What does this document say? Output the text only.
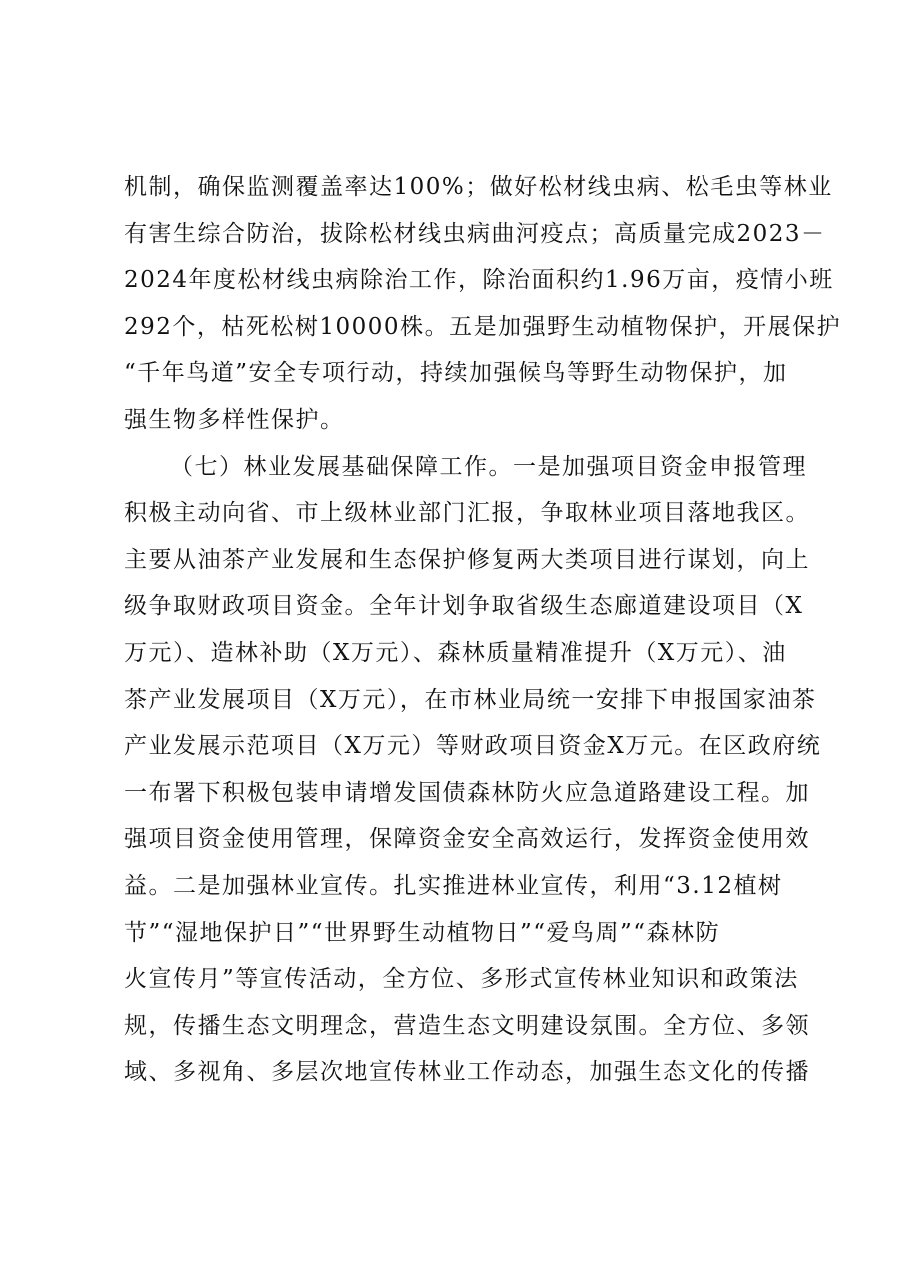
机制，确保监测覆盖率达100%；做好松材线虫病、松毛虫等林业
有害生综合防治，拔除松材线虫病曲河疫点；高质量完成2023－
2024年度松材线虫病除治工作，除治面积约1.96万亩，疫情小班
292个，枯死松树10000株。五是加强野生动植物保护，开展保护
“千年鸟道”安全专项行动，持续加强候鸟等野生动物保护，加
强生物多样性保护。
（七）林业发展基础保障工作。一是加强项目资金申报管理
积极主动向省、市上级林业部门汇报，争取林业项目落地我区。
主要从油茶产业发展和生态保护修复两大类项目进行谋划，向上
级争取财政项目资金。全年计划争取省级生态廊道建设项目（X
万元）、造林补助（X万元）、森林质量精准提升（X万元）、油
茶产业发展项目（X万元），在市林业局统一安排下申报国家油茶
产业发展示范项目（X万元）等财政项目资金X万元。在区政府统
一布署下积极包装申请增发国债森林防火应急道路建设工程。加
强项目资金使用管理，保障资金安全高效运行，发挥资金使用效
益。二是加强林业宣传。扎实推进林业宣传，利用“3.12植树
节”“湿地保护日”“世界野生动植物日”“爱鸟周”“森林防
火宣传月”等宣传活动，全方位、多形式宣传林业知识和政策法
规，传播生态文明理念，营造生态文明建设氛围。全方位、多领
域、多视角、多层次地宣传林业工作动态，加强生态文化的传播
